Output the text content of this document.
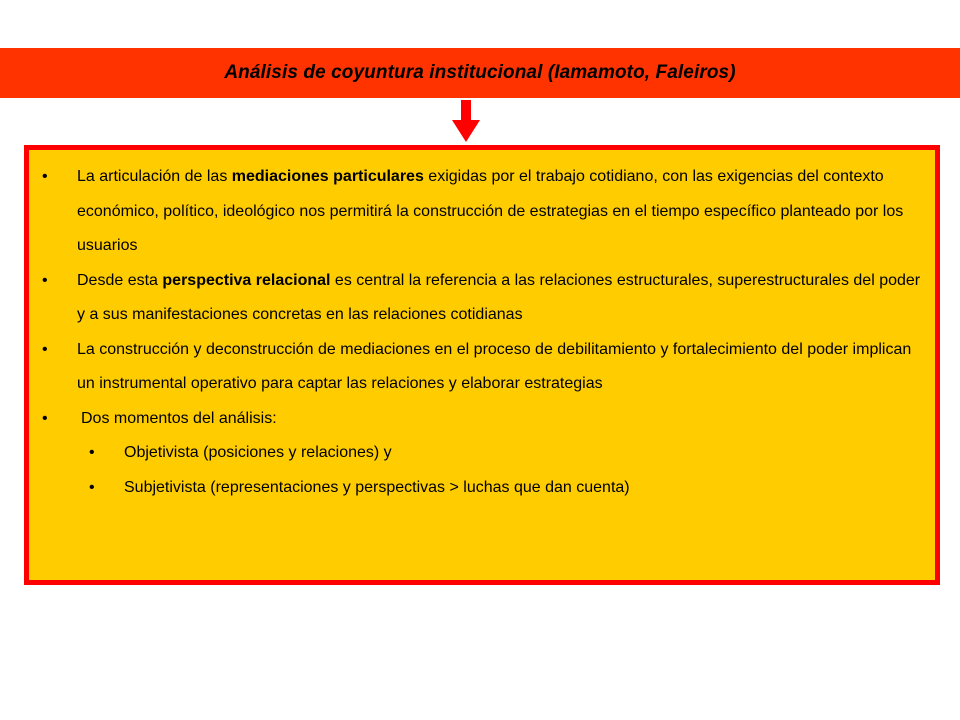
Análisis de coyuntura institucional (Iamamoto, Faleiros)
• La articulación de las mediaciones particulares exigidas por el trabajo cotidiano, con las exigencias del contexto económico, político, ideológico nos permitirá la construcción de estrategias en el tiempo específico planteado por los usuarios
• Desde esta perspectiva relacional es central la referencia a las relaciones estructurales, superestructurales del poder y a sus manifestaciones concretas en las relaciones cotidianas
• La construcción y deconstrucción de mediaciones en el proceso de debilitamiento y fortalecimiento del poder implican un instrumental operativo para captar las relaciones y elaborar estrategias
• Dos momentos del análisis:
• Objetivista (posiciones y relaciones) y
• Subjetivista (representaciones y perspectivas > luchas que dan cuenta)
